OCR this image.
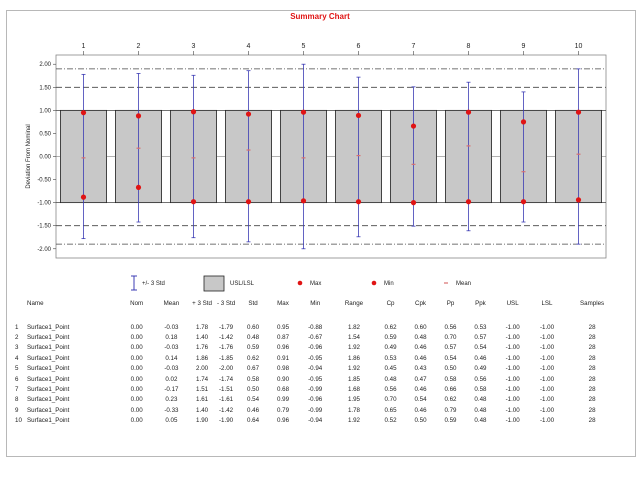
Summary Chart
2.00
1.50
1.00
0.50
0.00
-0.50
-1.00
-1.50
-2.00
Deviation From Nominal
1	2	3	4	5	6	7	8	9	10
+/- 3 Std	USL/LSL	Max	Min	Mean
	Name	Nom	Mean	+ 3 Std	- 3 Std	Std	Max	Min	Range	Cp	Cpk	Pp	Ppk	USL	LSL	Samples
1	Surface1_Point	0.00	-0.03	1.78	-1.79	0.60	0.95	-0.88	1.82	0.62	0.60	0.56	0.53	-1.00	-1.00	28
2	Surface1_Point	0.00	0.18	1.40	-1.42	0.48	0.87	-0.67	1.54	0.59	0.48	0.70	0.57	-1.00	-1.00	28
3	Surface1_Point	0.00	-0.03	1.76	-1.76	0.59	0.96	-0.96	1.92	0.49	0.46	0.57	0.54	-1.00	-1.00	28
4	Surface1_Point	0.00	0.14	1.86	-1.85	0.62	0.91	-0.95	1.86	0.53	0.46	0.54	0.46	-1.00	-1.00	28
5	Surface1_Point	0.00	-0.03	2.00	-2.00	0.67	0.98	-0.94	1.92	0.45	0.43	0.50	0.49	-1.00	-1.00	28
6	Surface1_Point	0.00	0.02	1.74	-1.74	0.58	0.90	-0.95	1.85	0.48	0.47	0.58	0.56	-1.00	-1.00	28
7	Surface1_Point	0.00	-0.17	1.51	-1.51	0.50	0.68	-0.99	1.68	0.56	0.46	0.66	0.58	-1.00	-1.00	28
8	Surface1_Point	0.00	0.23	1.61	-1.61	0.54	0.99	-0.96	1.95	0.70	0.54	0.62	0.48	-1.00	-1.00	28
9	Surface1_Point	0.00	-0.33	1.40	-1.42	0.46	0.79	-0.99	1.78	0.65	0.46	0.79	0.48	-1.00	-1.00	28
10	Surface1_Point	0.00	0.05	1.90	-1.90	0.64	0.96	-0.94	1.92	0.52	0.50	0.59	0.48	-1.00	-1.00	28
